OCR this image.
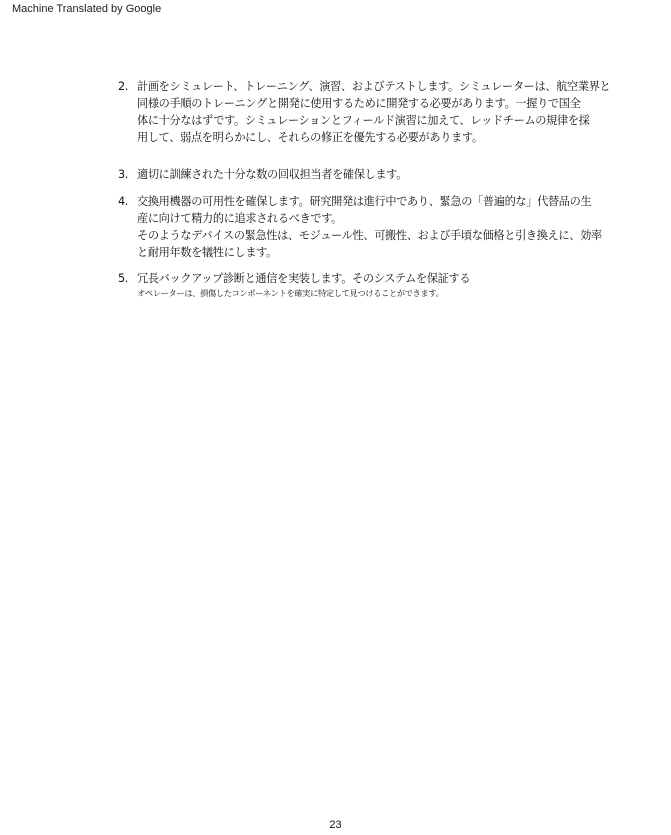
Machine Translated by Google
2. 計画をシミュレート、トレーニング、演習、およびテストします。シミュレーターは、航空業界と
同様の手順のトレーニングと開発に使用するために開発する必要があります。一握りで国全
体に十分なはずです。シミュレーションとフィールド演習に加えて、レッドチームの規律を採
用して、弱点を明らかにし、それらの修正を優先する必要があります。
3. 適切に訓練された十分な数の回収担当者を確保します。
4. 交換用機器の可用性を確保します。研究開発は進行中であり、緊急の「普遍的な」代替品の生
産に向けて精力的に追求されるべきです。
そのようなデバイスの緊急性は、モジュール性、可搬性、および手頃な価格と引き換えに、効率
と耐用年数を犠牲にします。
5. 冗長バックアップ診断と通信を実装します。そのシステムを保証する
オペレーターは、損傷したコンポーネントを確実に特定して見つけることができます。
23
